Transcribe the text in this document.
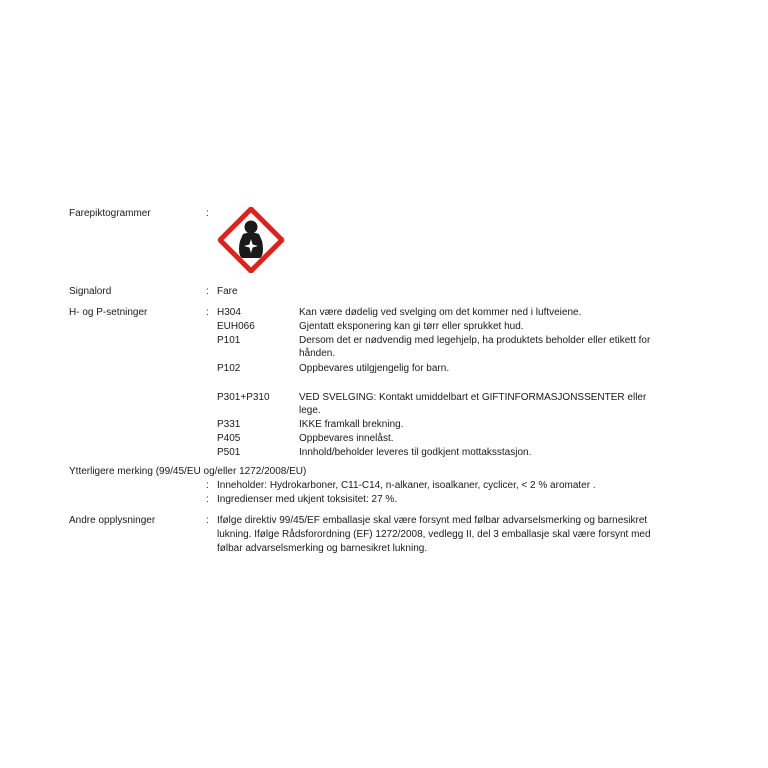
Farepiktogrammer	:
Signalord	: Fare
H- og P-setninger	: H304	Kan være dødelig ved svelging om det kommer ned i luftveiene.
EUH066	Gjentatt eksponering kan gi tørr eller sprukket hud.
P101	Dersom det er nødvendig med legehjelp, ha produktets beholder eller etikett for
hånden.
P102	Oppbevares utilgjengelig for barn.
P301+P310	VED SVELGING: Kontakt umiddelbart et GIFTINFORMASJONSSENTER eller
lege.
P331	IKKE framkall brekning.
P405	Oppbevares innelåst.
P501	Innhold/beholder leveres til godkjent mottaksstasjon.
Ytterligere merking (99/45/EU og/eller 1272/2008/EU)
: Inneholder: Hydrokarboner, C11-C14, n-alkaner, isoalkaner, cyclicer, < 2 % aromater .
: Ingredienser med ukjent toksisitet: 27 %.
Andre opplysninger	: Ifølge direktiv 99/45/EF emballasje skal være forsynt med følbar advarselsmerking og barnesikret
lukning. Ifølge Rådsforordning (EF) 1272/2008, vedlegg II, del 3 emballasje skal være forsynt med
følbar advarselsmerking og barnesikret lukning.
